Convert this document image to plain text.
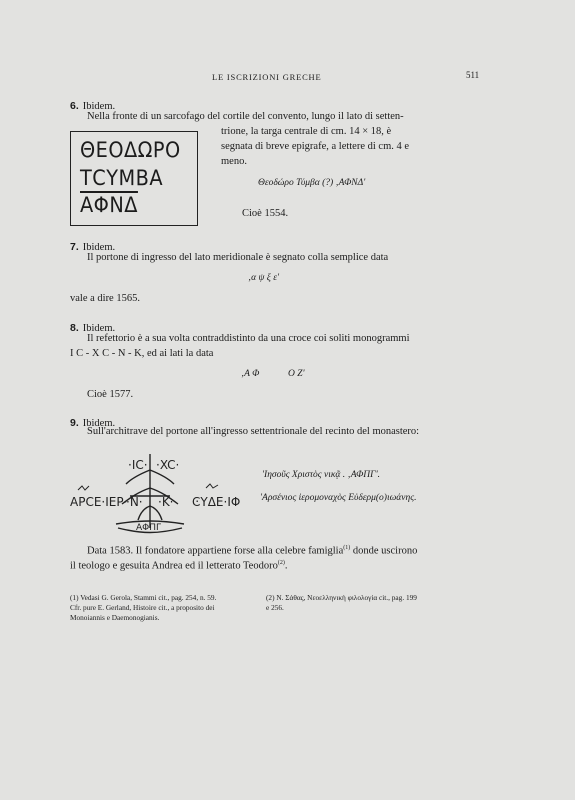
LE ISCRIZIONI GRECHE	511
6. Ibidem.
Nella fronte di un sarcofago del cortile del convento, lungo il lato di setten-
trione, la targa centrale di cm. 14 × 18, è
segnata di breve epigrafe, a lettere di cm. 4 e
meno.
ΘΕΟΔΩΡΟ
ΤCΥΜΒΑ
ΑΦΝΔ
Θεοδώρο Τύμβα (?) ‚ΑΦΝΔ'
Cioè 1554.
7. Ibidem.
Il portone di ingresso del lato meridionale è segnato colla semplice data
‚α ψ ξ ε'
vale a dire 1565.
8. Ibidem.
Il refettorio è a sua volta contraddistinto da una croce coi soliti monogrammi
I C - X C - N - K, ed ai lati la data
‚Α Φ	Ο Ζ'
Cioè 1577.
9. Ibidem.
Sull'architrave del portone all'ingresso settentrionale del recinto del monastero:
·IC· ·XC·
ΑΡCΕ·ΙΕΡ·
·Ν· ·Κ· ϾΥΔΕ·ΙΦ
ΑΦΠΓ
'Ιησοῦς Χριστὸς νικᾷ . ‚ΑΦΠΓ'.
'Αρσένιος ἱερομοναχὸς Εὐδερμ(ο)ιωάνης.
Data 1583. Il fondatore appartiene forse alla celebre famiglia$^{(1)}$ donde uscirono
il teologo e gesuita Andrea ed il letterato Teodoro$^{(2)}$.
(1) Vedasi G. Gerola, Stammi cit., pag. 254, n. 59.
Cfr. pure E. Gerland, Histoire cit., a proposito dei
Monoiannis e Daemonogianis.
(2) N. Σάθας, Νεοελληνικὴ φιλολογία cit., pag. 199
e 256.
